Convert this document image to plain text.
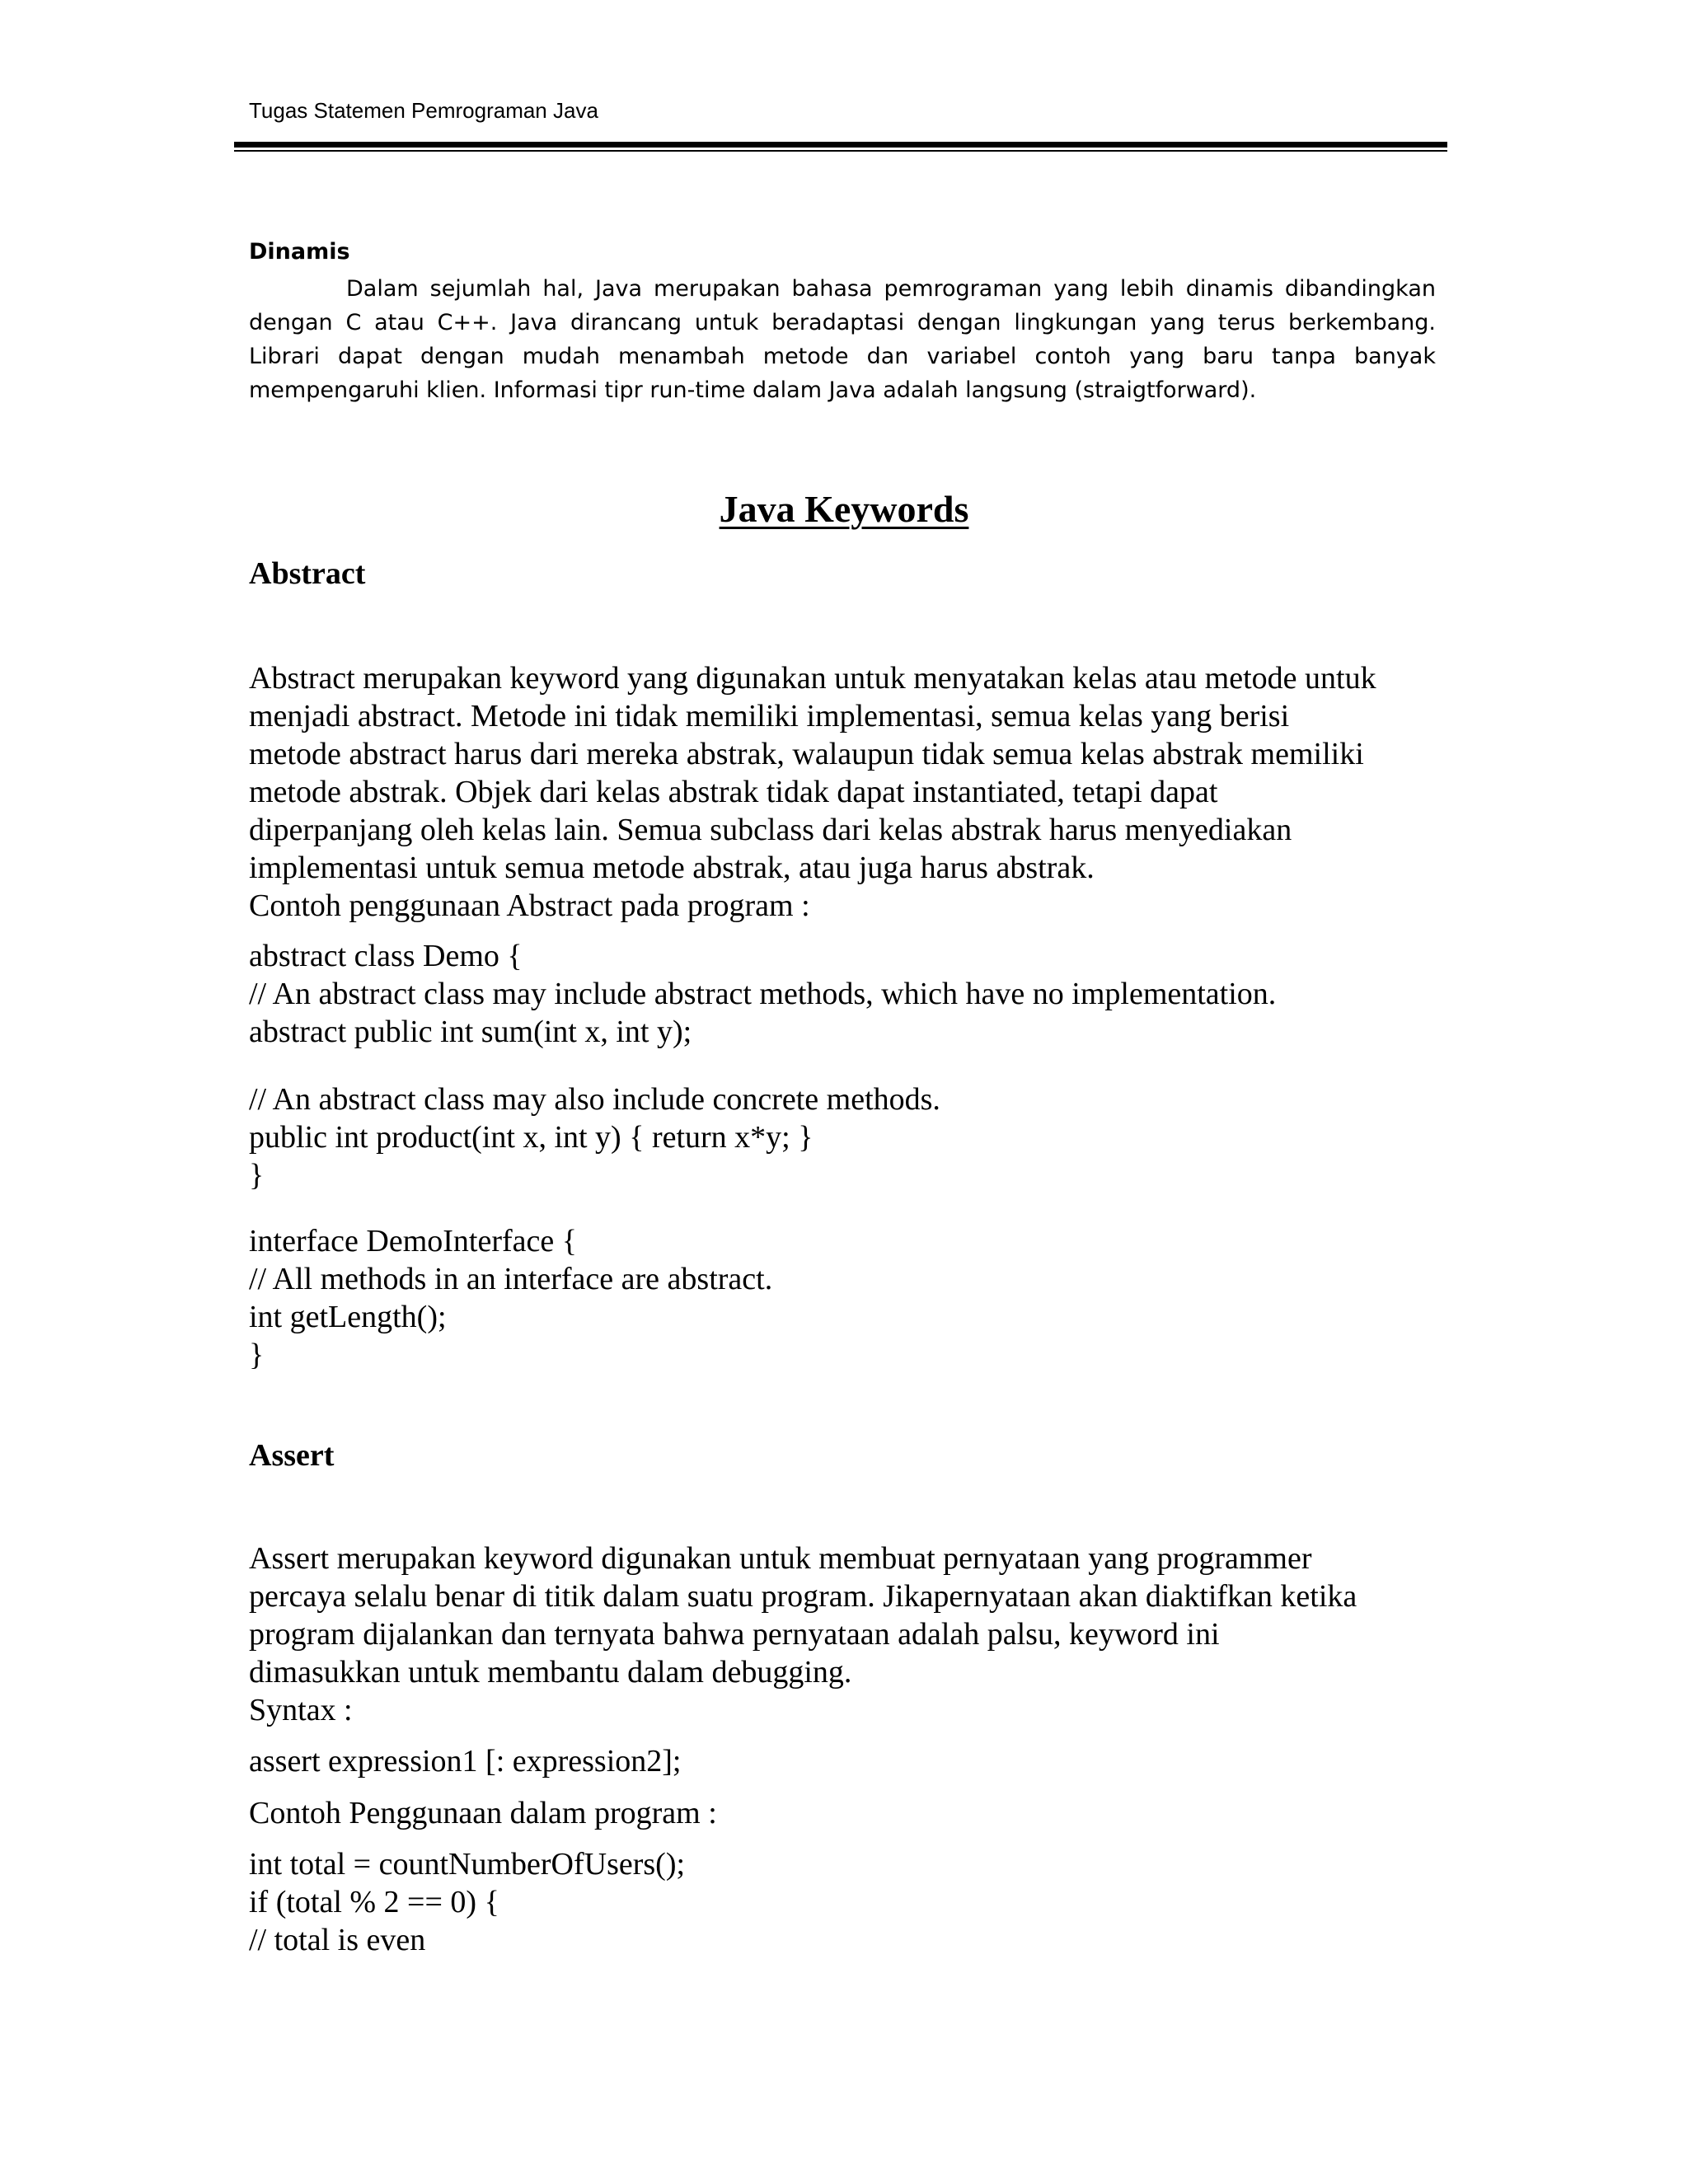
Tugas Statemen Pemrograman Java
Dinamis
Dalam sejumlah hal, Java merupakan bahasa pemrograman yang lebih dinamis dibandingkan dengan C atau C++. Java dirancang untuk beradaptasi dengan lingkungan yang terus berkembang. Librari dapat dengan mudah menambah metode dan variabel contoh yang baru tanpa banyak mempengaruhi klien. Informasi tipr run-time dalam Java adalah langsung (straigtforward).
Java Keywords
Abstract
Abstract merupakan keyword yang digunakan untuk menyatakan kelas atau metode untuk
menjadi abstract. Metode ini tidak memiliki implementasi, semua kelas yang berisi
metode abstract harus dari mereka abstrak, walaupun tidak semua kelas abstrak memiliki
metode abstrak. Objek dari kelas abstrak tidak dapat instantiated, tetapi dapat
diperpanjang oleh kelas lain. Semua subclass dari kelas abstrak harus menyediakan
implementasi untuk semua metode abstrak, atau juga harus abstrak.
Contoh penggunaan Abstract pada program :
abstract class Demo {
// An abstract class may include abstract methods, which have no implementation.
abstract public int sum(int x, int y);
// An abstract class may also include concrete methods.
public int product(int x, int y) { return x*y; }
}
interface DemoInterface {
// All methods in an interface are abstract.
int getLength();
}
Assert
Assert merupakan keyword digunakan untuk membuat pernyataan yang programmer
percaya selalu benar di titik dalam suatu program. Jikapernyataan akan diaktifkan ketika
program dijalankan dan ternyata bahwa pernyataan adalah palsu, keyword ini
dimasukkan untuk membantu dalam debugging.
Syntax :
assert expression1 [: expression2];
Contoh Penggunaan dalam program :
int total = countNumberOfUsers();
if (total % 2 == 0) {
// total is even
